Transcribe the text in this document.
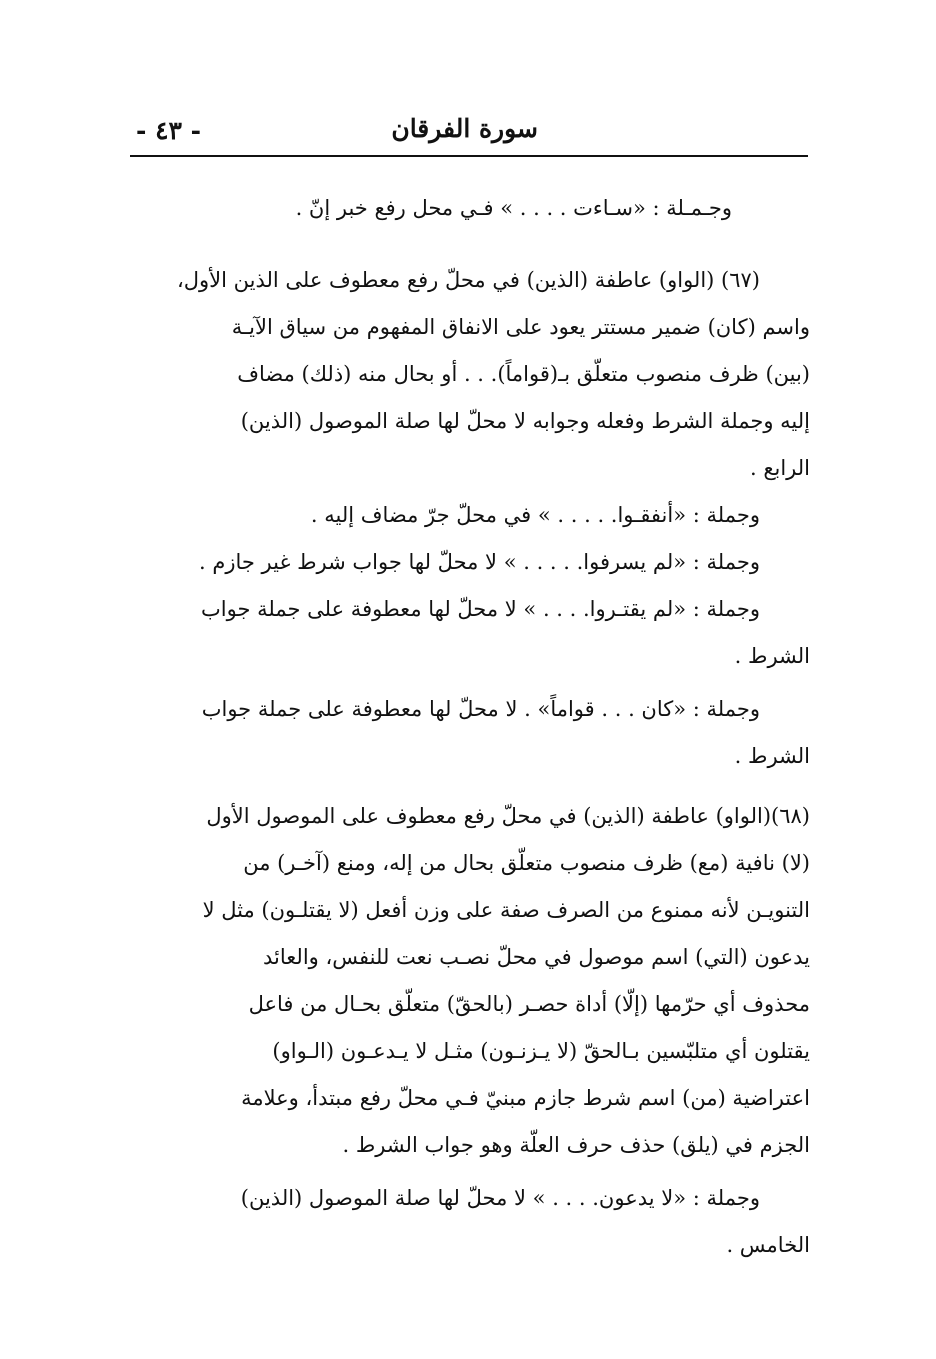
سورة الفرقان
- ٤٣ -
وجـمـلة : «سـاءت . . . . » فـي محل رفع خبر إنّ .
(٦٧) (الواو) عاطفة (الذين) في محلّ رفع معطوف على الذين الأول،
واسم (كان) ضمير مستتر يعود على الانفاق المفهوم من سياق الآيـة
(بين) ظرف منصوب متعلّق بـ(قواماً). . . أو بحال منه (ذلك) مضاف
إليه وجملة الشرط وفعله وجوابه لا محلّ لها صلة الموصول (الذين)
الرابع .
وجملة : «أنفقـوا. . . . . » في محلّ جرّ مضاف إليه .
وجملة : «لم يسرفوا. . . . . » لا محلّ لها جواب شرط غير جازم .
وجملة : «لم يقتـروا. . . . » لا محلّ لها معطوفة على جملة جواب
الشرط .
وجملة : «كان . . . قواماً» . لا محلّ لها معطوفة على جملة جواب
الشرط .
(٦٨)(الواو) عاطفة (الذين) في محلّ رفع معطوف على الموصول الأول
(لا) نافية (مع) ظرف منصوب متعلّق بحال من إله، ومنع (آخـر) من
التنويـن لأنه ممنوع من الصرف صفة على وزن أفعل (لا يقتلـون) مثل لا
يدعون (التي) اسم موصول في محلّ نصـب نعت للنفس، والعائد
محذوف أي حرّمها (إلّا) أداة حصـر (بالحقّ) متعلّق بحـال من فاعل
يقتلون أي متلبّسين بـالحقّ (لا يـزنـون) مثـل لا يـدعـون (الـواو)
اعتراضية (من) اسم شرط جازم مبنيّ فـي محلّ رفع مبتدأ، وعلامة
الجزم في (يلق) حذف حرف العلّة وهو جواب الشرط .
وجملة : «لا يدعون. . . . » لا محلّ لها صلة الموصول (الذين)
الخامس .
